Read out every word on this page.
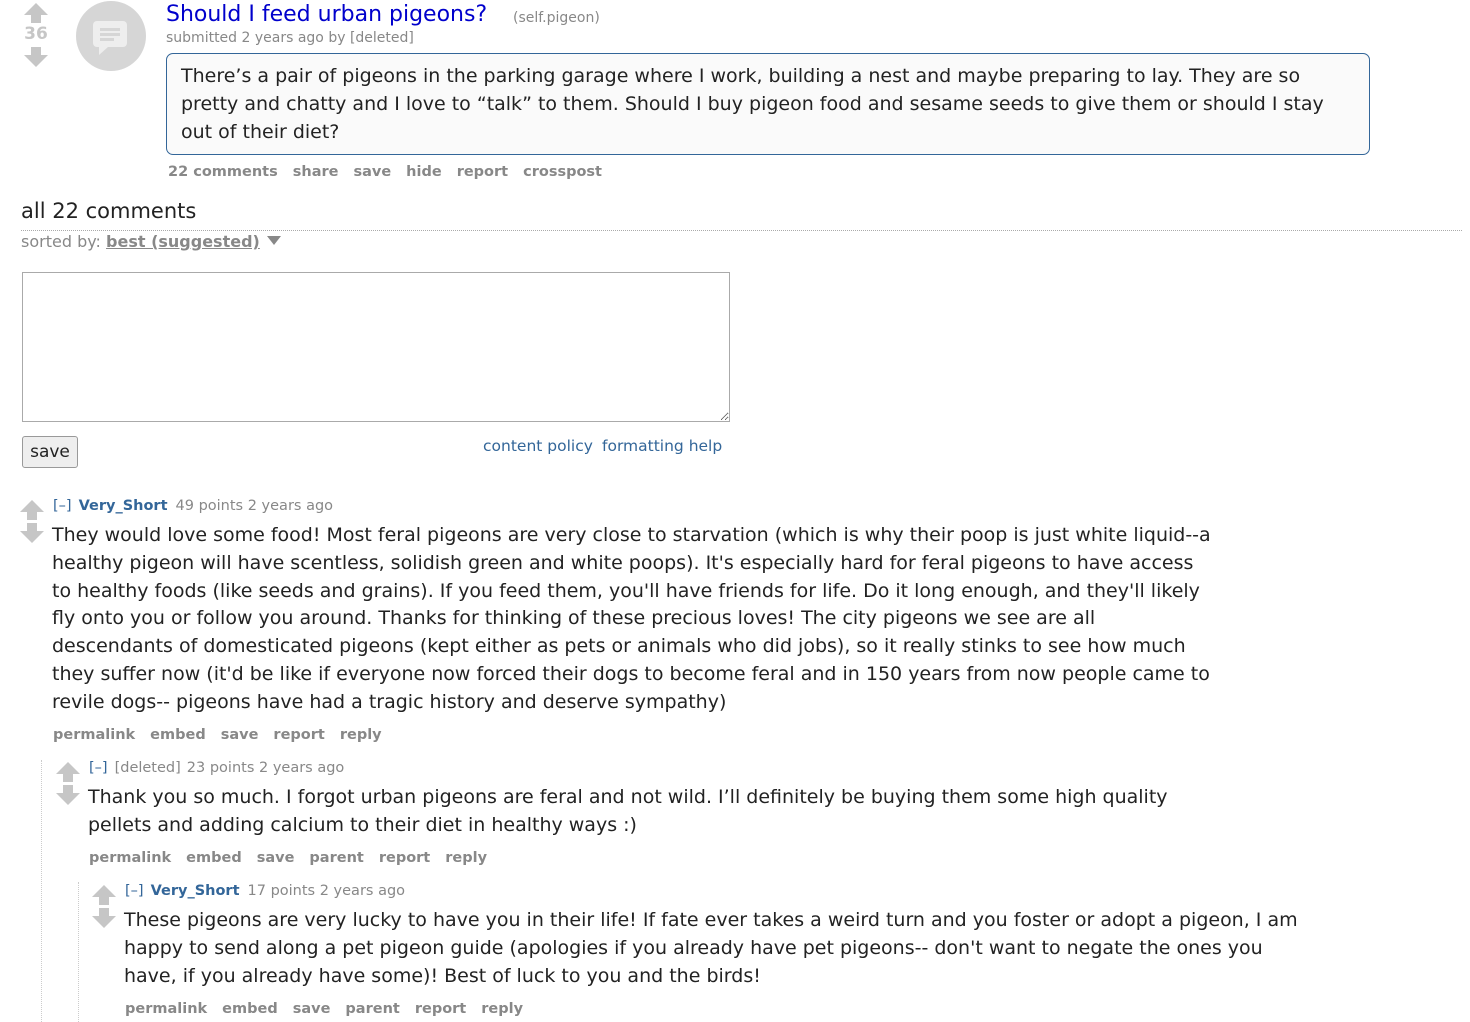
36
Should I feed urban pigeons? (self.pigeon)
submitted 2 years ago by [deleted]
There’s a pair of pigeons in the parking garage where I work, building a nest and maybe preparing to lay. They are so pretty and chatty and I love to “talk” to them. Should I buy pigeon food and sesame seeds to give them or should I stay out of their diet?
22 comments share save hide report crosspost
all 22 comments
sorted by: best (suggested)
save	content policy formatting help
[–] Very_Short 49 points 2 years ago
They would love some food! Most feral pigeons are very close to starvation (which is why their poop is just white liquid--a healthy pigeon will have scentless, solidish green and white poops). It's especially hard for feral pigeons to have access to healthy foods (like seeds and grains). If you feed them, you'll have friends for life. Do it long enough, and they'll likely fly onto you or follow you around. Thanks for thinking of these precious loves! The city pigeons we see are all descendants of domesticated pigeons (kept either as pets or animals who did jobs), so it really stinks to see how much they suffer now (it'd be like if everyone now forced their dogs to become feral and in 150 years from now people came to revile dogs-- pigeons have had a tragic history and deserve sympathy)
permalink embed save report reply
[–] [deleted] 23 points 2 years ago
Thank you so much. I forgot urban pigeons are feral and not wild. I’ll definitely be buying them some high quality pellets and adding calcium to their diet in healthy ways :)
permalink embed save parent report reply
[–] Very_Short 17 points 2 years ago
These pigeons are very lucky to have you in their life! If fate ever takes a weird turn and you foster or adopt a pigeon, I am happy to send along a pet pigeon guide (apologies if you already have pet pigeons-- don't want to negate the ones you have, if you already have some)! Best of luck to you and the birds!
permalink embed save parent report reply
